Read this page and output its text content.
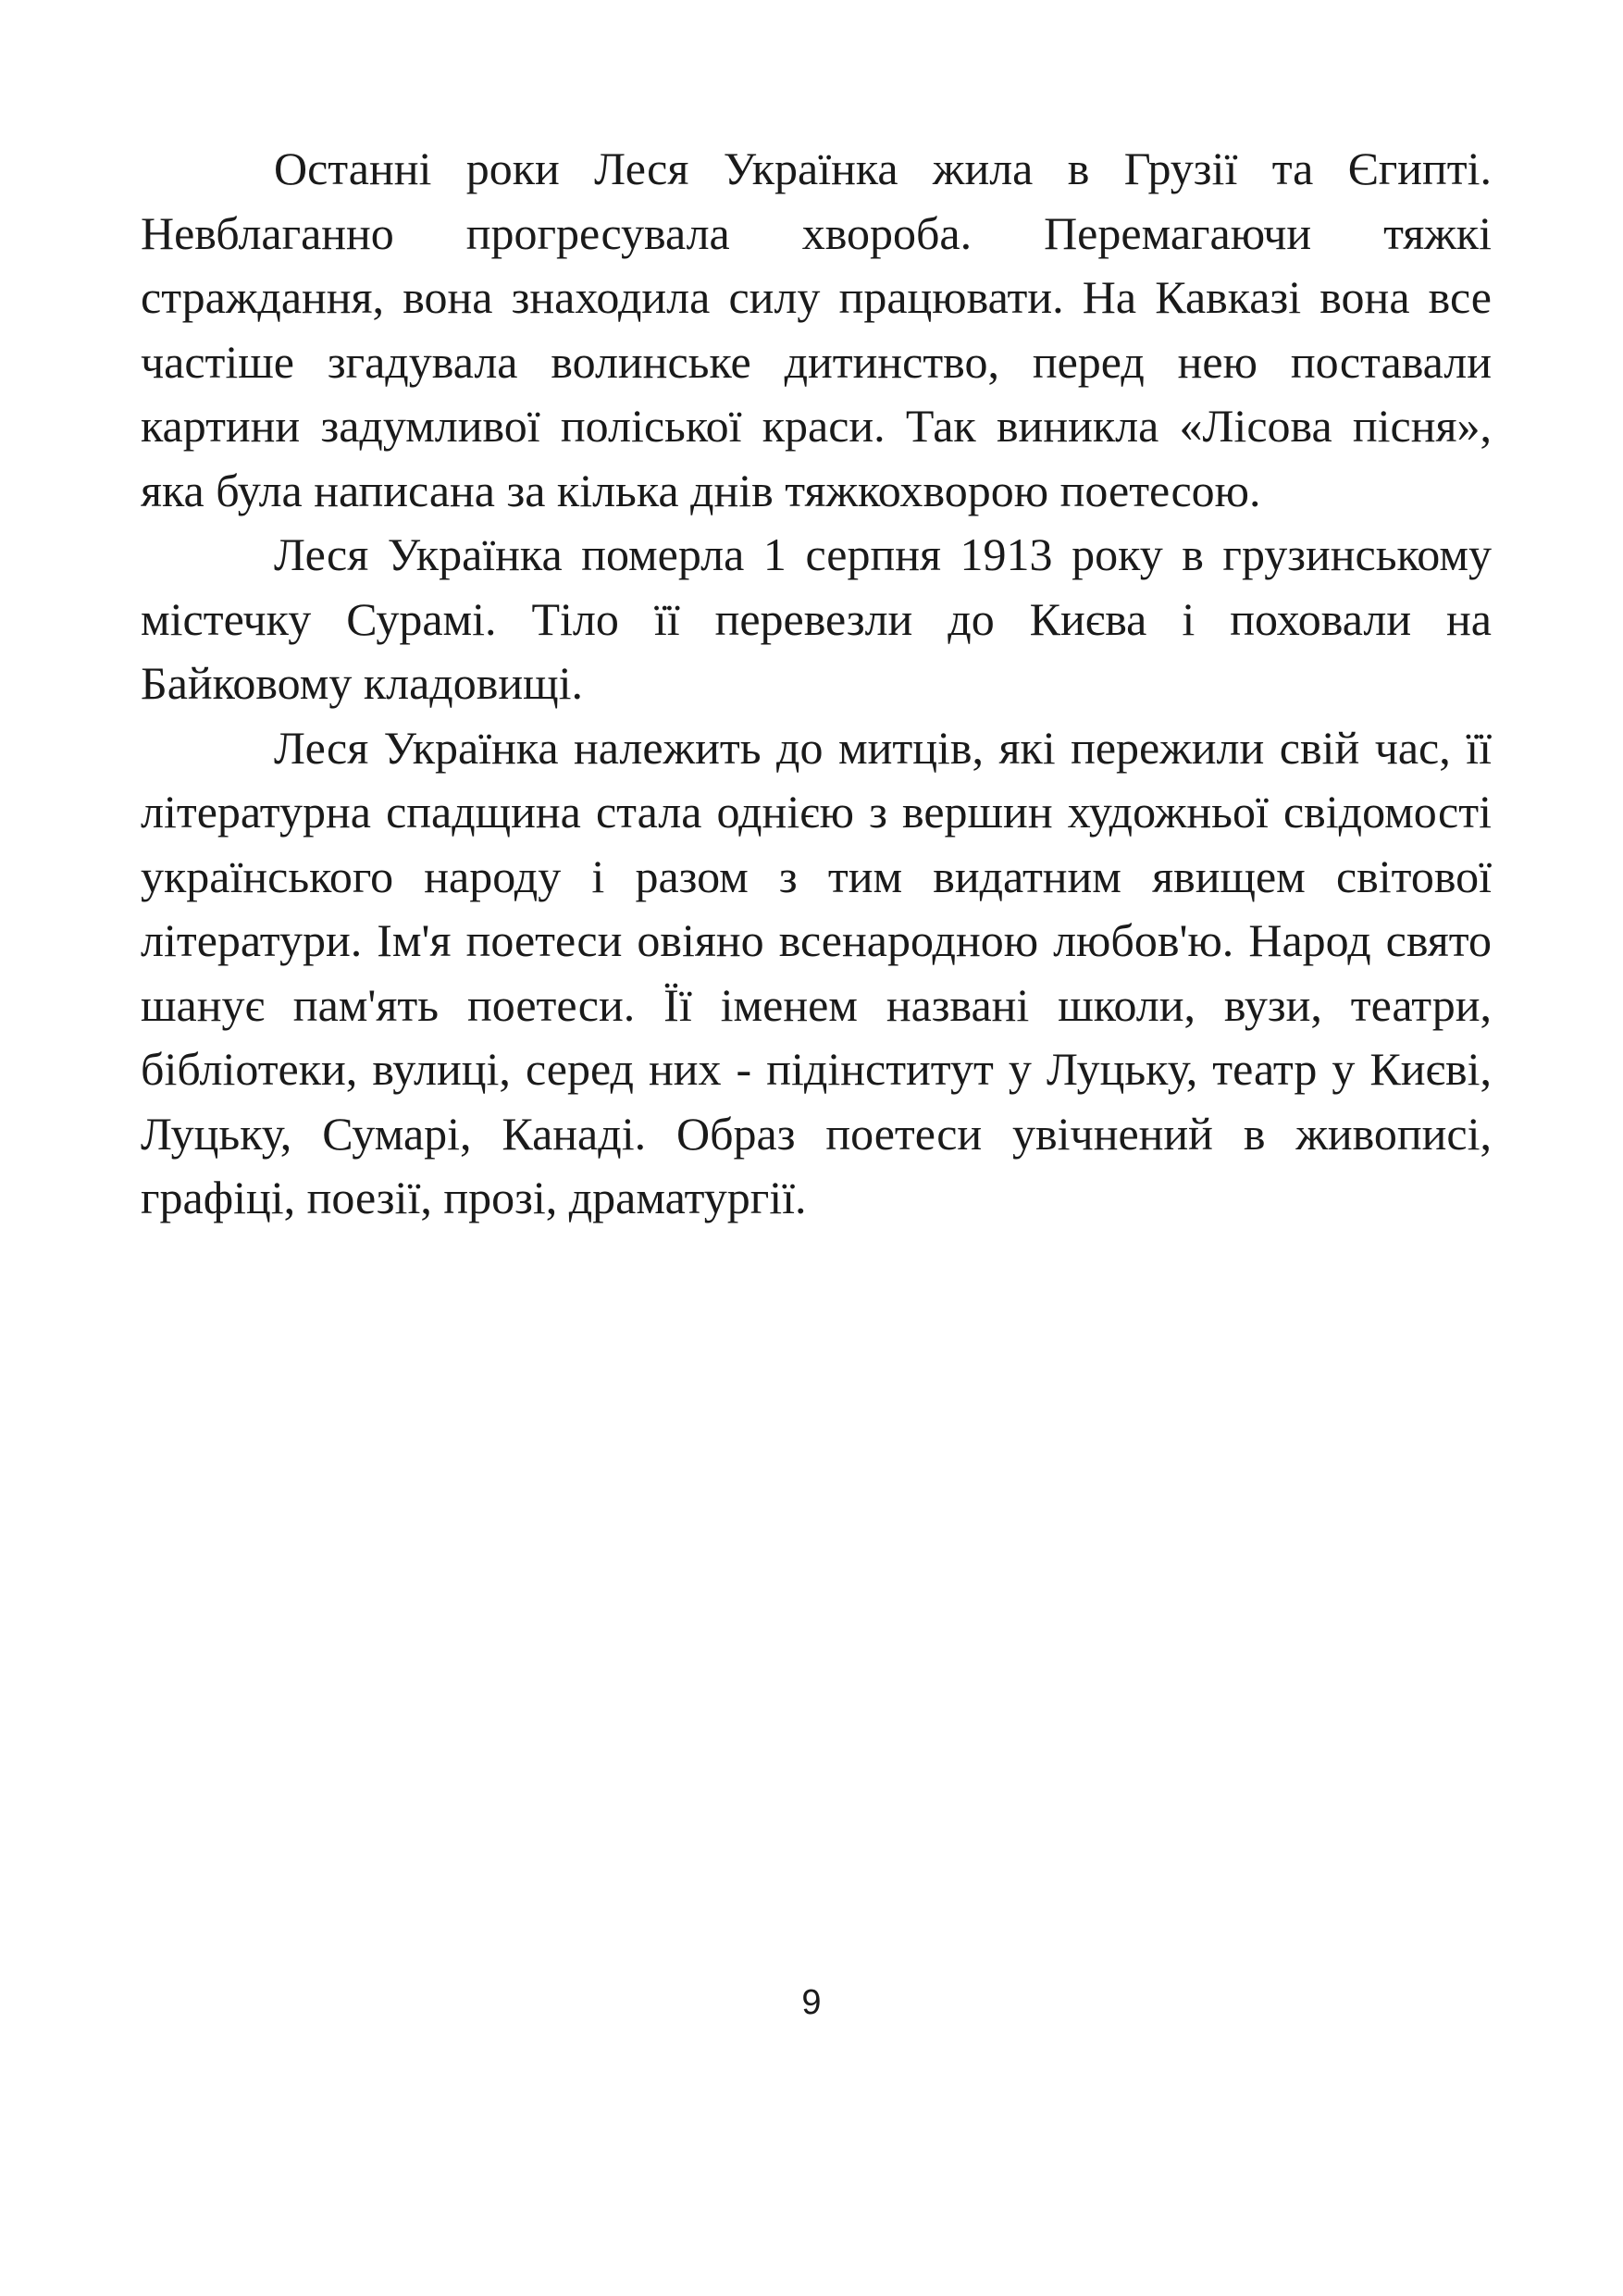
Останні роки Леся Українка жила в Грузії та Єгипті. Невблаганно прогресувала хвороба. Перемагаючи тяжкі страждання, вона знаходила силу працювати. На Кавказі вона все частіше згадувала волинське дитинство, перед нею поставали картини задумливої поліської краси. Так виникла «Лісова пісня», яка була написана за кілька днів тяжкохворою поетесою.

Леся Українка померла 1 серпня 1913 року в грузинському містечку Сурамі. Тіло її перевезли до Києва і поховали на Байковому кладовищі.

Леся Українка належить до митців, які пережили свій час, її літературна спадщина стала однією з вершин художньої свідомості українського народу і разом з тим видатним явищем світової літератури. Ім'я поетеси овіяно всенародною любов'ю. Народ свято шанує пам'ять поетеси. Її іменем названі школи, вузи, театри, бібліотеки, вулиці, серед них - підінститут у Луцьку, театр у Києві, Луцьку, Сумарі, Канаді. Образ поетеси увічнений в живописі, графіці, поезії, прозі, драматургії.

9
